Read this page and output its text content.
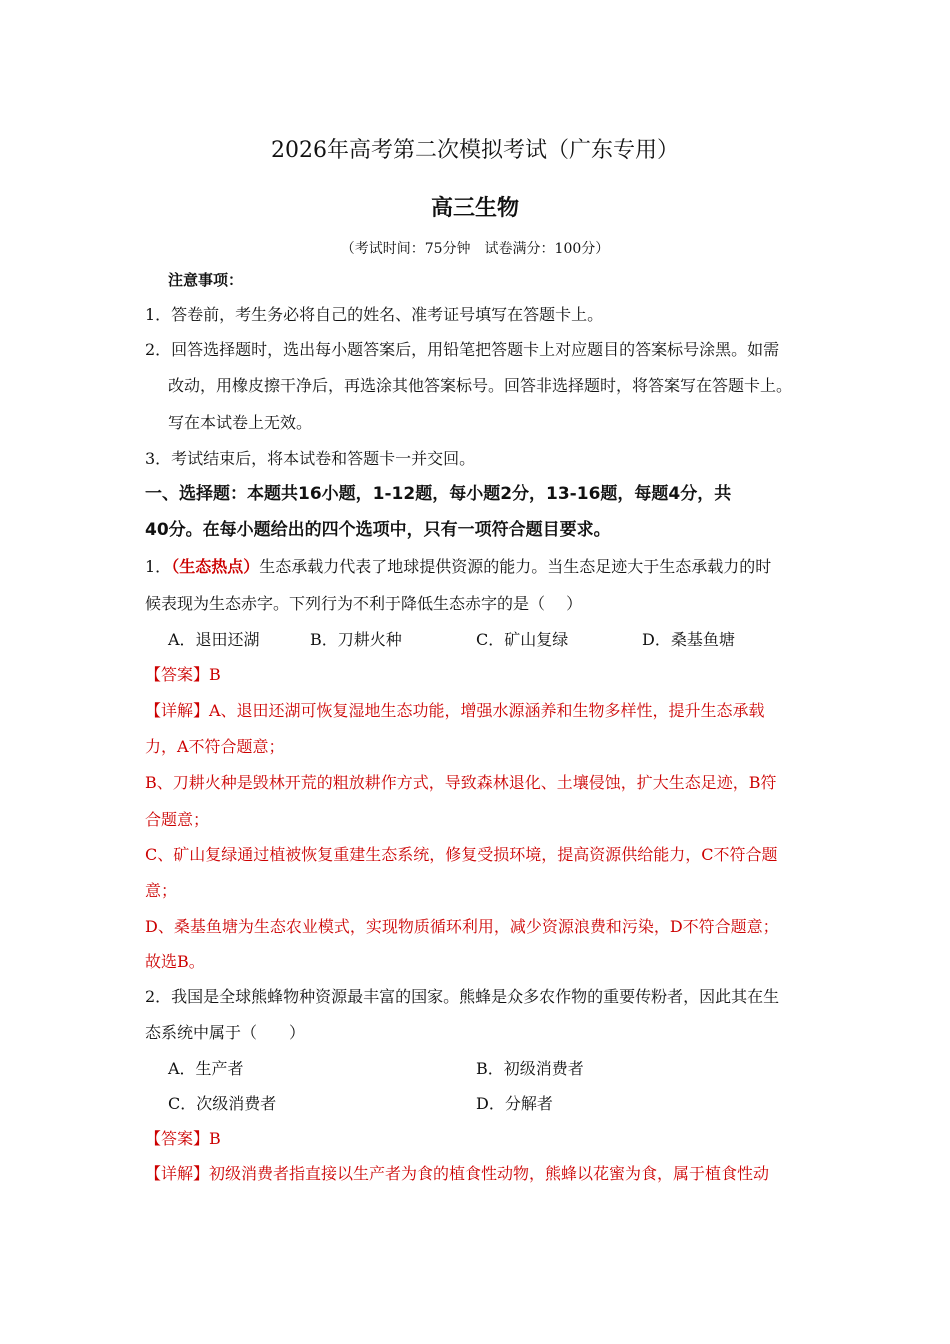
2026年高考第二次模拟考试（广东专用）
高三生物
（考试时间：75分钟　试卷满分：100分）
注意事项：
1．答卷前，考生务必将自己的姓名、准考证号填写在答题卡上。
2．回答选择题时，选出每小题答案后，用铅笔把答题卡上对应题目的答案标号涂黑。如需
改动，用橡皮擦干净后，再选涂其他答案标号。回答非选择题时，将答案写在答题卡上。
写在本试卷上无效。
3．考试结束后，将本试卷和答题卡一并交回。
一、选择题：本题共16小题，1-12题，每小题2分，13-16题，每题4分，共
40分。在每小题给出的四个选项中，只有一项符合题目要求。
1．（生态热点）生态承载力代表了地球提供资源的能力。当生态足迹大于生态承载力的时
候表现为生态赤字。下列行为不利于降低生态赤字的是（　 ）
A．退田还湖	B．刀耕火种	C．矿山复绿	D．桑基鱼塘
【答案】B
【详解】A、退田还湖可恢复湿地生态功能，增强水源涵养和生物多样性，提升生态承载
力，A不符合题意；
B、刀耕火种是毁林开荒的粗放耕作方式，导致森林退化、土壤侵蚀，扩大生态足迹，B符
合题意；
C、矿山复绿通过植被恢复重建生态系统，修复受损环境，提高资源供给能力，C不符合题
意；
D、桑基鱼塘为生态农业模式，实现物质循环利用，减少资源浪费和污染，D不符合题意；
故选B。
2．我国是全球熊蜂物种资源最丰富的国家。熊蜂是众多农作物的重要传粉者，因此其在生
态系统中属于（　　）
A．生产者	B．初级消费者
C．次级消费者	D．分解者
【答案】B
【详解】初级消费者指直接以生产者为食的植食性动物，熊蜂以花蜜为食，属于植食性动
